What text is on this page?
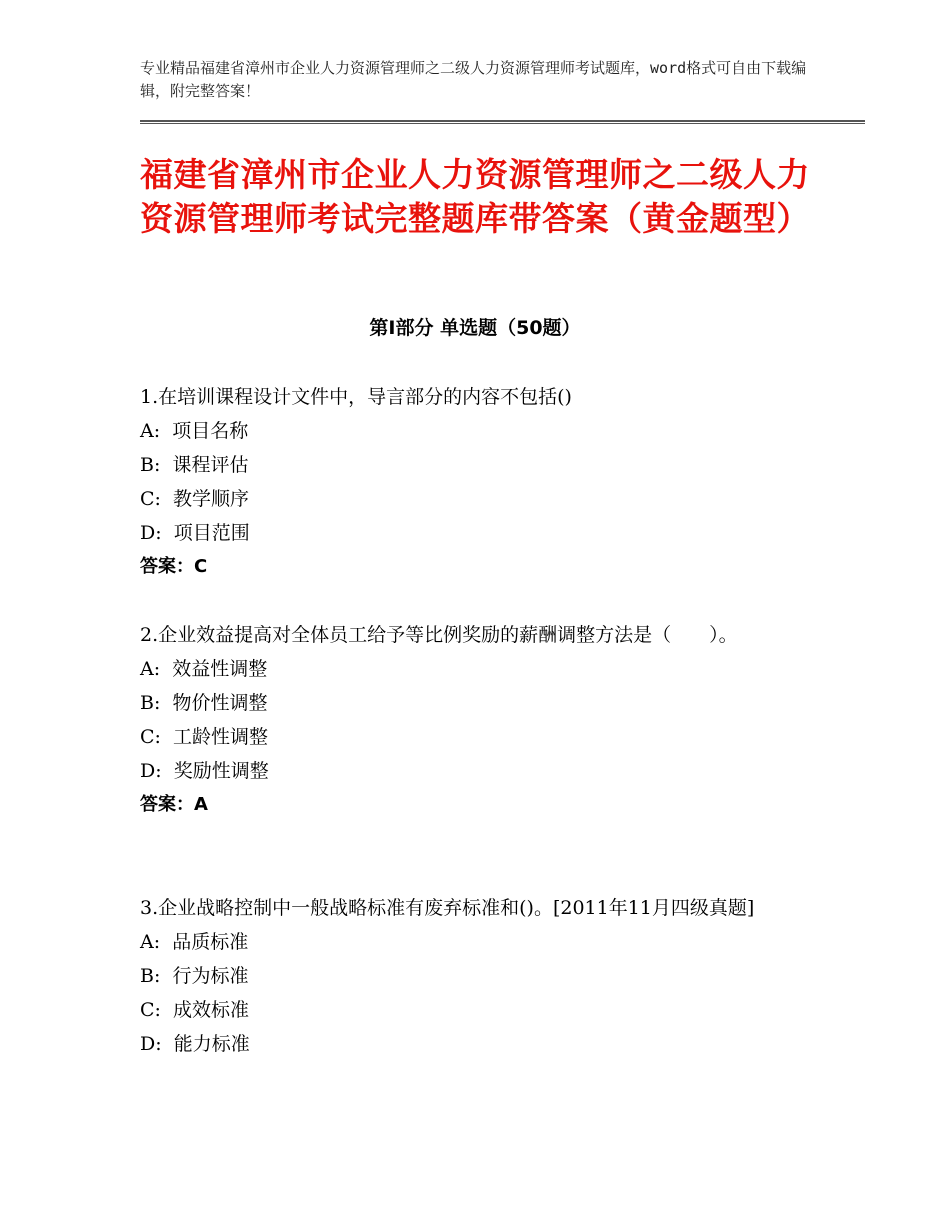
专业精品福建省漳州市企业人力资源管理师之二级人力资源管理师考试题库，word格式可自由下载编辑，附完整答案！
福建省漳州市企业人力资源管理师之二级人力资源管理师考试完整题库带答案（黄金题型）
第Ⅰ部分 单选题（50题）

1.在培训课程设计文件中，导言部分的内容不包括()

A:  项目名称

B:  课程评估

C:  教学顺序

D:  项目范围

答案：C

2.企业效益提高对全体员工给予等比例奖励的薪酬调整方法是（　　）。

A:  效益性调整

B:  物价性调整

C:  工龄性调整

D:  奖励性调整

答案：A

3.企业战略控制中一般战略标准有废弃标准和()。[2011年11月四级真题]

A:  品质标准

B:  行为标准

C:  成效标准

D:  能力标准
